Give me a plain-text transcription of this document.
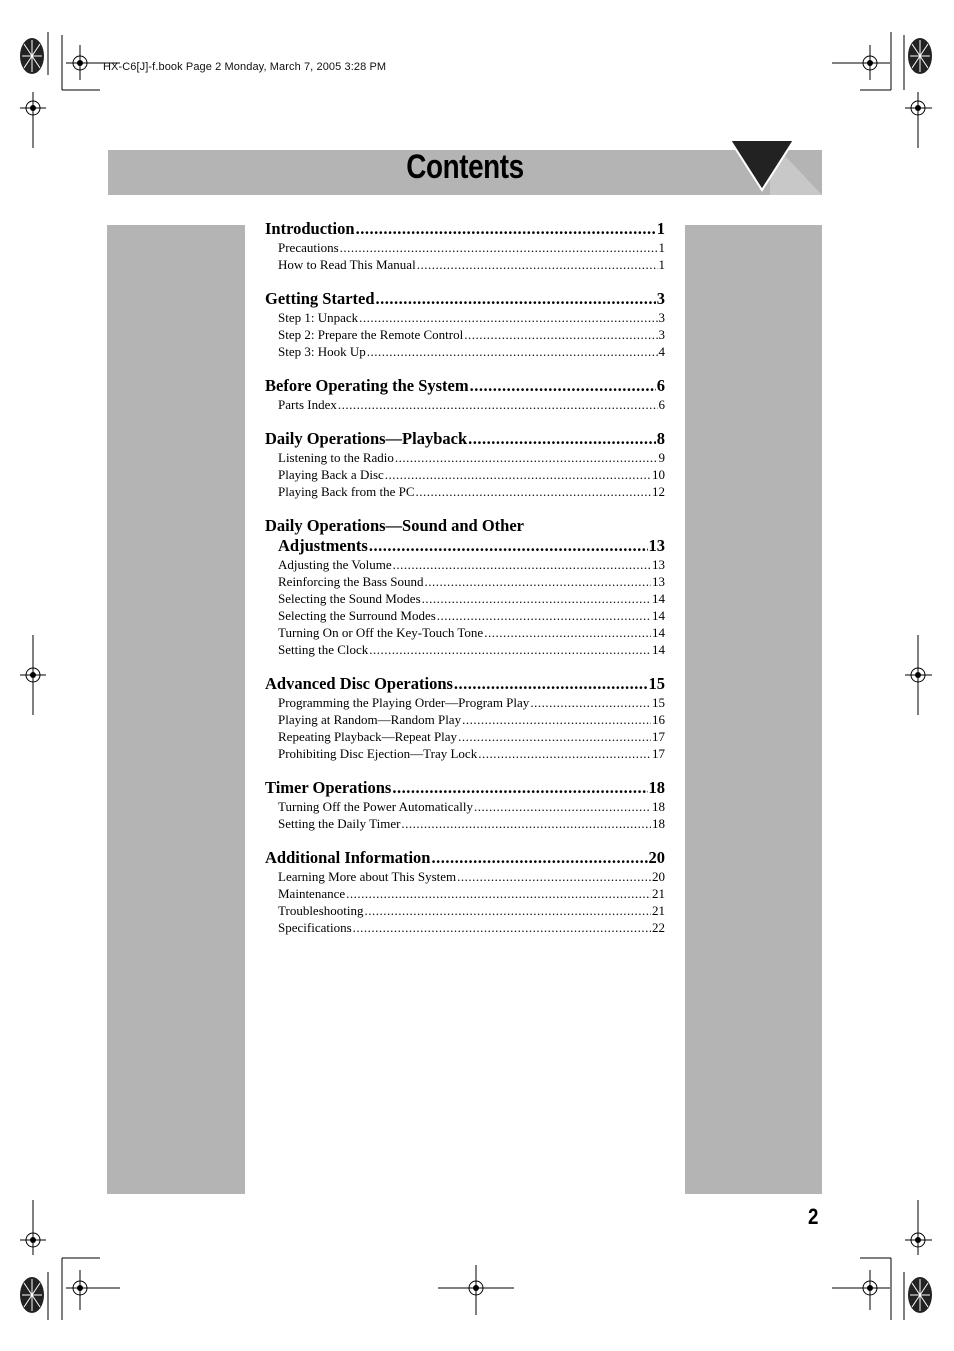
HX-C6[J]-f.book Page 2 Monday, March 7, 2005 3:28 PM
Contents
Introduction .....	1
Precautions .....	1
How to Read This Manual .....	1
Getting Started .....	3
Step 1: Unpack .....	3
Step 2: Prepare the Remote Control .....	3
Step 3: Hook Up .....	4
Before Operating the System .....	6
Parts Index .....	6
Daily Operations—Playback .....	8
Listening to the Radio .....	9
Playing Back a Disc .....	10
Playing Back from the PC .....	12
Daily Operations—Sound and Other
Adjustments .....	13
Adjusting the Volume .....	13
Reinforcing the Bass Sound .....	13
Selecting the Sound Modes .....	14
Selecting the Surround Modes .....	14
Turning On or Off the Key-Touch Tone .....	14
Setting the Clock .....	14
Advanced Disc Operations .....	15
Programming the Playing Order—Program Play .....	15
Playing at Random—Random Play .....	16
Repeating Playback—Repeat Play .....	17
Prohibiting Disc Ejection—Tray Lock .....	17
Timer Operations .....	18
Turning Off the Power Automatically .....	18
Setting the Daily Timer .....	18
Additional Information .....	20
Learning More about This System .....	20
Maintenance .....	21
Troubleshooting .....	21
Specifications .....	22
2
